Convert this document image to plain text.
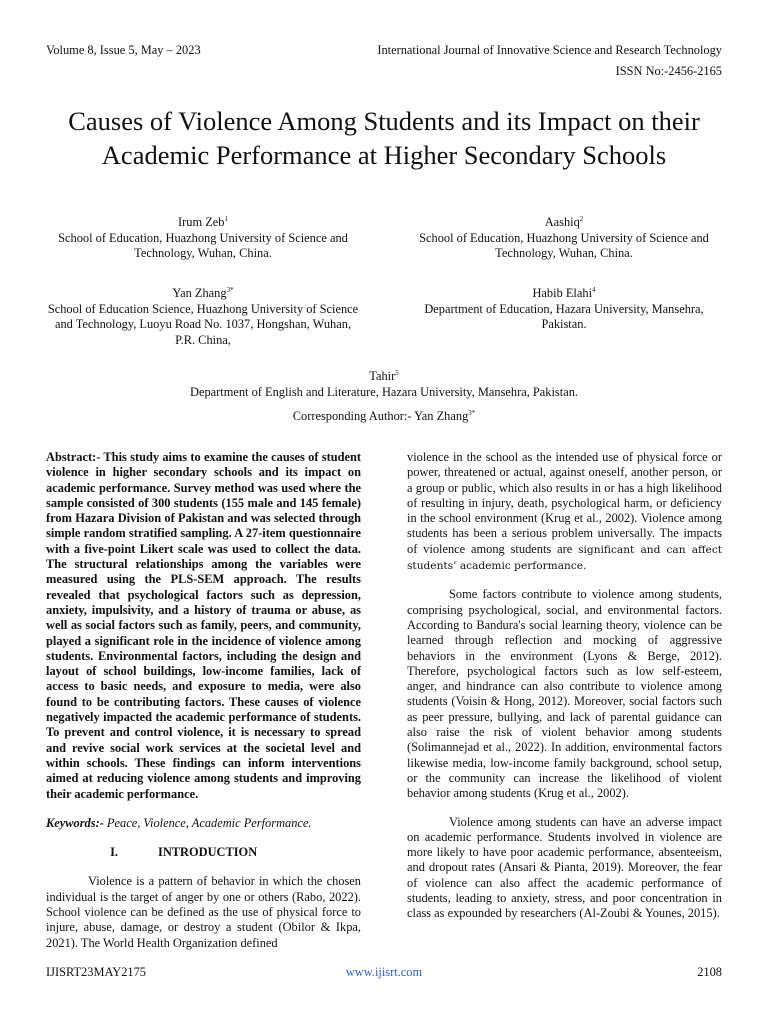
Volume 8, Issue 5, May – 2023	International Journal of Innovative Science and Research Technology
ISSN No:-2456-2165
Causes of Violence Among Students and its Impact on their Academic Performance at Higher Secondary Schools
Irum Zeb$^1$
School of Education, Huazhong University of Science and Technology, Wuhan, China.
Aashiq$^2$
School of Education, Huazhong University of Science and Technology, Wuhan, China.
Yan Zhang$^{3*}$
School of Education Science, Huazhong University of Science and Technology, Luoyu Road No. 1037, Hongshan, Wuhan, P.R. China,
Habib Elahi$^4$
Department of Education, Hazara University, Mansehra, Pakistan.
Tahir$^5$
Department of English and Literature, Hazara University, Mansehra, Pakistan.
Corresponding Author:- Yan Zhang$^{3*}$

Abstract:- This study aims to examine the causes of student violence in higher secondary schools and its impact on academic performance. Survey method was used where the sample consisted of 300 students (155 male and 145 female) from Hazara Division of Pakistan and was selected through simple random stratified sampling. A 27-item questionnaire with a five-point Likert scale was used to collect the data. The structural relationships among the variables were measured using the PLS-SEM approach. The results revealed that psychological factors such as depression, anxiety, impulsivity, and a history of trauma or abuse, as well as social factors such as family, peers, and community, played a significant role in the incidence of violence among students. Environmental factors, including the design and layout of school buildings, low-income families, lack of access to basic needs, and exposure to media, were also found to be contributing factors. These causes of violence negatively impacted the academic performance of students. To prevent and control violence, it is necessary to spread and revive social work services at the societal level and within schools. These findings can inform interventions aimed at reducing violence among students and improving their academic performance.

Keywords:- Peace, Violence, Academic Performance.

I.	INTRODUCTION

Violence is a pattern of behavior in which the chosen individual is the target of anger by one or others (Rabo, 2022). School violence can be defined as the use of physical force to injure, abuse, damage, or destroy a student (Obilor & Ikpa, 2021). The World Health Organization defined

violence in the school as the intended use of physical force or power, threatened or actual, against oneself, another person, or a group or public, which also results in or has a high likelihood of resulting in injury, death, psychological harm, or deficiency in the school environment (Krug et al., 2002). Violence among students has been a serious problem universally. The impacts of violence among students are significant and can affect students’ academic performance.

Some factors contribute to violence among students, comprising psychological, social, and environmental factors. According to Bandura's social learning theory, violence can be learned through reflection and mocking of aggressive behaviors in the environment (Lyons & Berge, 2012). Therefore, psychological factors such as low self-esteem, anger, and hindrance can also contribute to violence among students (Voisin & Hong, 2012). Moreover, social factors such as peer pressure, bullying, and lack of parental guidance can also raise the risk of violent behavior among students (Solimannejad et al., 2022). In addition, environmental factors likewise media, low-income family background, school setup, or the community can increase the likelihood of violent behavior among students (Krug et al., 2002).

Violence among students can have an adverse impact on academic performance. Students involved in violence are more likely to have poor academic performance, absenteeism, and dropout rates (Ansari & Pianta, 2019). Moreover, the fear of violence can also affect the academic performance of students, leading to anxiety, stress, and poor concentration in class as expounded by researchers (Al-Zoubi & Younes, 2015).

IJISRT23MAY2175	www.ijisrt.com	2108
